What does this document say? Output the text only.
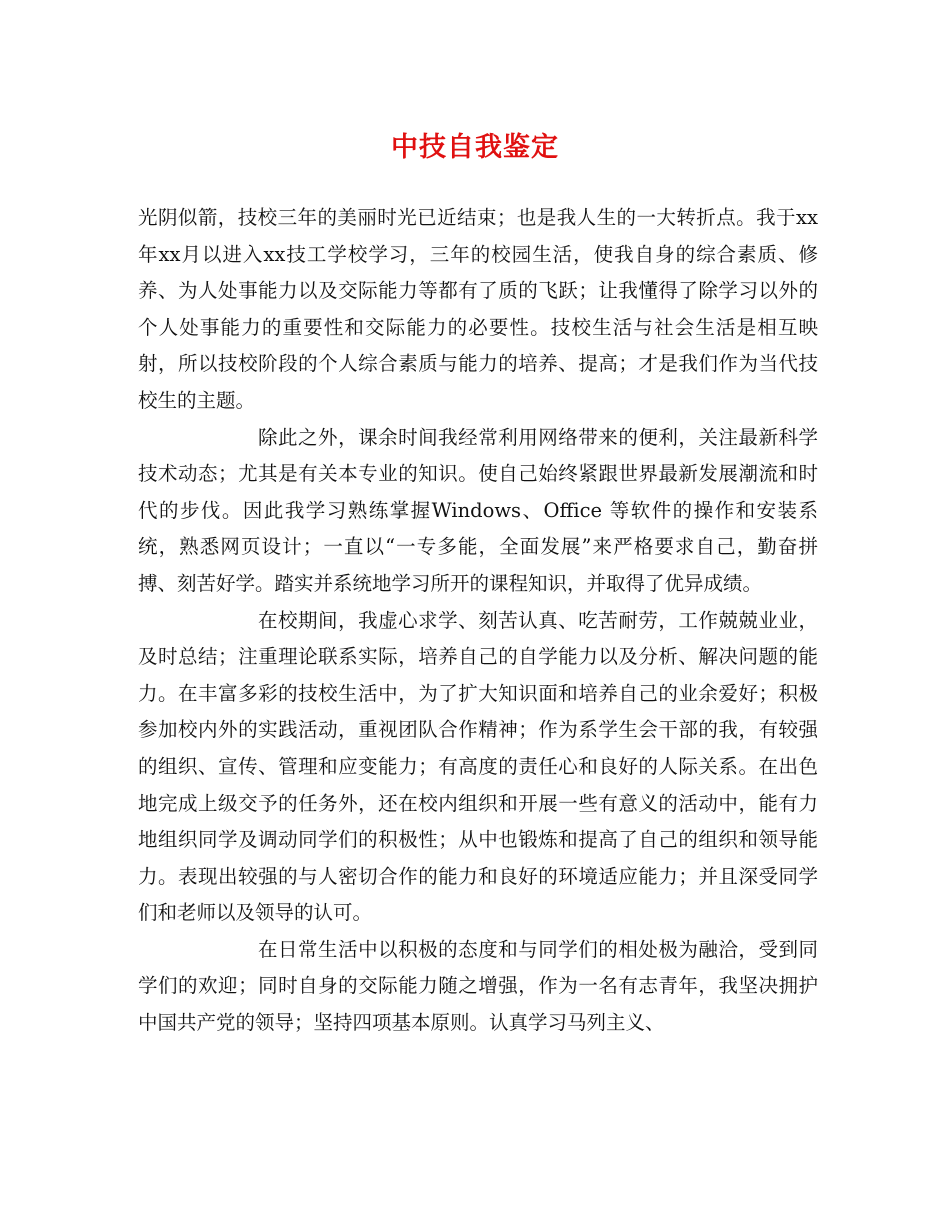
中技自我鉴定

光阴似箭，技校三年的美丽时光已近结束；也是我人生的一大转折点。我于xx年xx月以进入xx技工学校学习，三年的校园生活，使我自身的综合素质、修养、为人处事能力以及交际能力等都有了质的飞跃；让我懂得了除学习以外的个人处事能力的重要性和交际能力的必要性。技校生活与社会生活是相互映射，所以技校阶段的个人综合素质与能力的培养、提高；才是我们作为当代技校生的主题。

除此之外，课余时间我经常利用网络带来的便利，关注最新科学技术动态；尤其是有关本专业的知识。使自己始终紧跟世界最新发展潮流和时代的步伐。因此我学习熟练掌握Windows、Office 等软件的操作和安装系统，熟悉网页设计；一直以“一专多能，全面发展”来严格要求自己，勤奋拼搏、刻苦好学。踏实并系统地学习所开的课程知识，并取得了优异成绩。

在校期间，我虚心求学、刻苦认真、吃苦耐劳，工作兢兢业业，及时总结；注重理论联系实际，培养自己的自学能力以及分析、解决问题的能力。在丰富多彩的技校生活中，为了扩大知识面和培养自己的业余爱好；积极参加校内外的实践活动，重视团队合作精神；作为系学生会干部的我，有较强的组织、宣传、管理和应变能力；有高度的责任心和良好的人际关系。在出色地完成上级交予的任务外，还在校内组织和开展一些有意义的活动中，能有力地组织同学及调动同学们的积极性；从中也锻炼和提高了自己的组织和领导能力。表现出较强的与人密切合作的能力和良好的环境适应能力；并且深受同学们和老师以及领导的认可。

在日常生活中以积极的态度和与同学们的相处极为融洽，受到同学们的欢迎；同时自身的交际能力随之增强，作为一名有志青年，我坚决拥护中国共产党的领导；坚持四项基本原则。认真学习马列主义、
